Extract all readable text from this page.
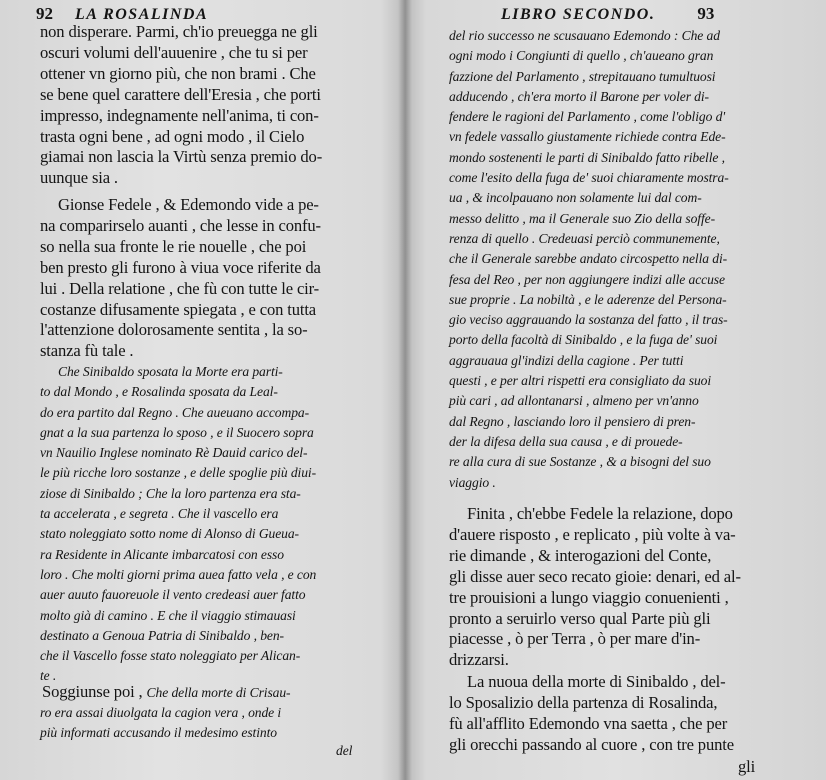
92 LA ROSALINDA
non disperare. Parmi, ch'io preuegga ne gli
oscuri volumi dell'auuenire , che tu si per
ottener vn giorno più, che non brami . Che
se bene quel carattere dell'Eresia , che porti
impresso, indegnamente nell'anima, ti con-
trasta ogni bene , ad ogni modo , il Cielo
giamai non lascia la Virtù senza premio do-
uunque sia .
Gionse Fedele , & Edemondo vide a pe-
na comparirselo auanti , che lesse in confu-
so nella sua fronte le rie nouelle , che poi
ben presto gli furono à viua voce riferite da
lui . Della relatione , che fù con tutte le cir-
costanze difusamente spiegata , e con tutta
l'attenzione dolorosamente sentita , la so-
stanza fù tale .
Che Sinibaldo sposata la Morte era parti-
to dal Mondo , e Rosalinda sposata da Leal-
do era partito dal Regno . Che aueuano accompa-
gnat a la sua partenza lo sposo , e il Suocero sopra
vn Nauilio Inglese nominato Rè Dauid carico del-
le più ricche loro sostanze , e delle spoglie più diui-
ziose di Sinibaldo ; Che la loro partenza era sta-
ta accelerata , e segreta . Che il vascello era
stato noleggiato sotto nome di Alonso di Gueua-
ra Residente in Alicante imbarcatosi con esso
loro . Che molti giorni prima auea fatto vela , e con
auer auuto fauoreuole il vento credeasi auer fatto
molto già di camino . E che il viaggio stimauasi
destinato a Genoua Patria di Sinibaldo , ben-
che il Vascello fosse stato noleggiato per Alican-
te .
Soggiunse poi , Che della morte di Crisau-
ro era assai diuolgata la cagion vera , onde i
più informati accusando il medesimo estinto
del
LIBRO SECONDO. 93
del rio successo ne scusauano Edemondo : Che ad
ogni modo i Congiunti di quello , ch'aueano gran
fazzione del Parlamento , strepitauano tumultuosi
adducendo , ch'era morto il Barone per voler di-
fendere le ragioni del Parlamento , come l'obligo d'
vn fedele vassallo giustamente richiede contra Ede-
mondo sostenenti le parti di Sinibaldo fatto ribelle ,
come l'esito della fuga de' suoi chiaramente mostra-
ua , & incolpauano non solamente lui dal com-
messo delitto , ma il Generale suo Zio della soffe-
renza di quello . Credeuasi perciò communemente,
che il Generale sarebbe andato circospetto nella di-
fesa del Reo , per non aggiungere indizi alle accuse
sue proprie . La nobiltà , e le aderenze del Persona-
gio veciso aggrauando la sostanza del fatto , il tras-
porto della facoltà di Sinibaldo , e la fuga de' suoi
aggrauaua gl'indizi della cagione . Per tutti
questi , e per altri rispetti era consigliato da suoi
più cari , ad allontanarsi , almeno per vn'anno
dal Regno , lasciando loro il pensiero di pren-
der la difesa della sua causa , e di prouede-
re alla cura di sue Sostanze , & a bisogni del suo
viaggio .
Finita , ch'ebbe Fedele la relazione, dopo
d'auere risposto , e replicato , più volte à va-
rie dimande , & interogazioni del Conte,
gli disse auer seco recato gioie: denari, ed al-
tre prouisioni a lungo viaggio conuenienti ,
pronto a seruirlo verso qual Parte più gli
piacesse , ò per Terra , ò per mare d'in-
drizzarsi.
La nuoua della morte di Sinibaldo , del-
lo Sposalizio della partenza di Rosalinda,
fù all'afflito Edemondo vna saetta , che per
gli orecchi passando al cuore , con tre punte
gli
